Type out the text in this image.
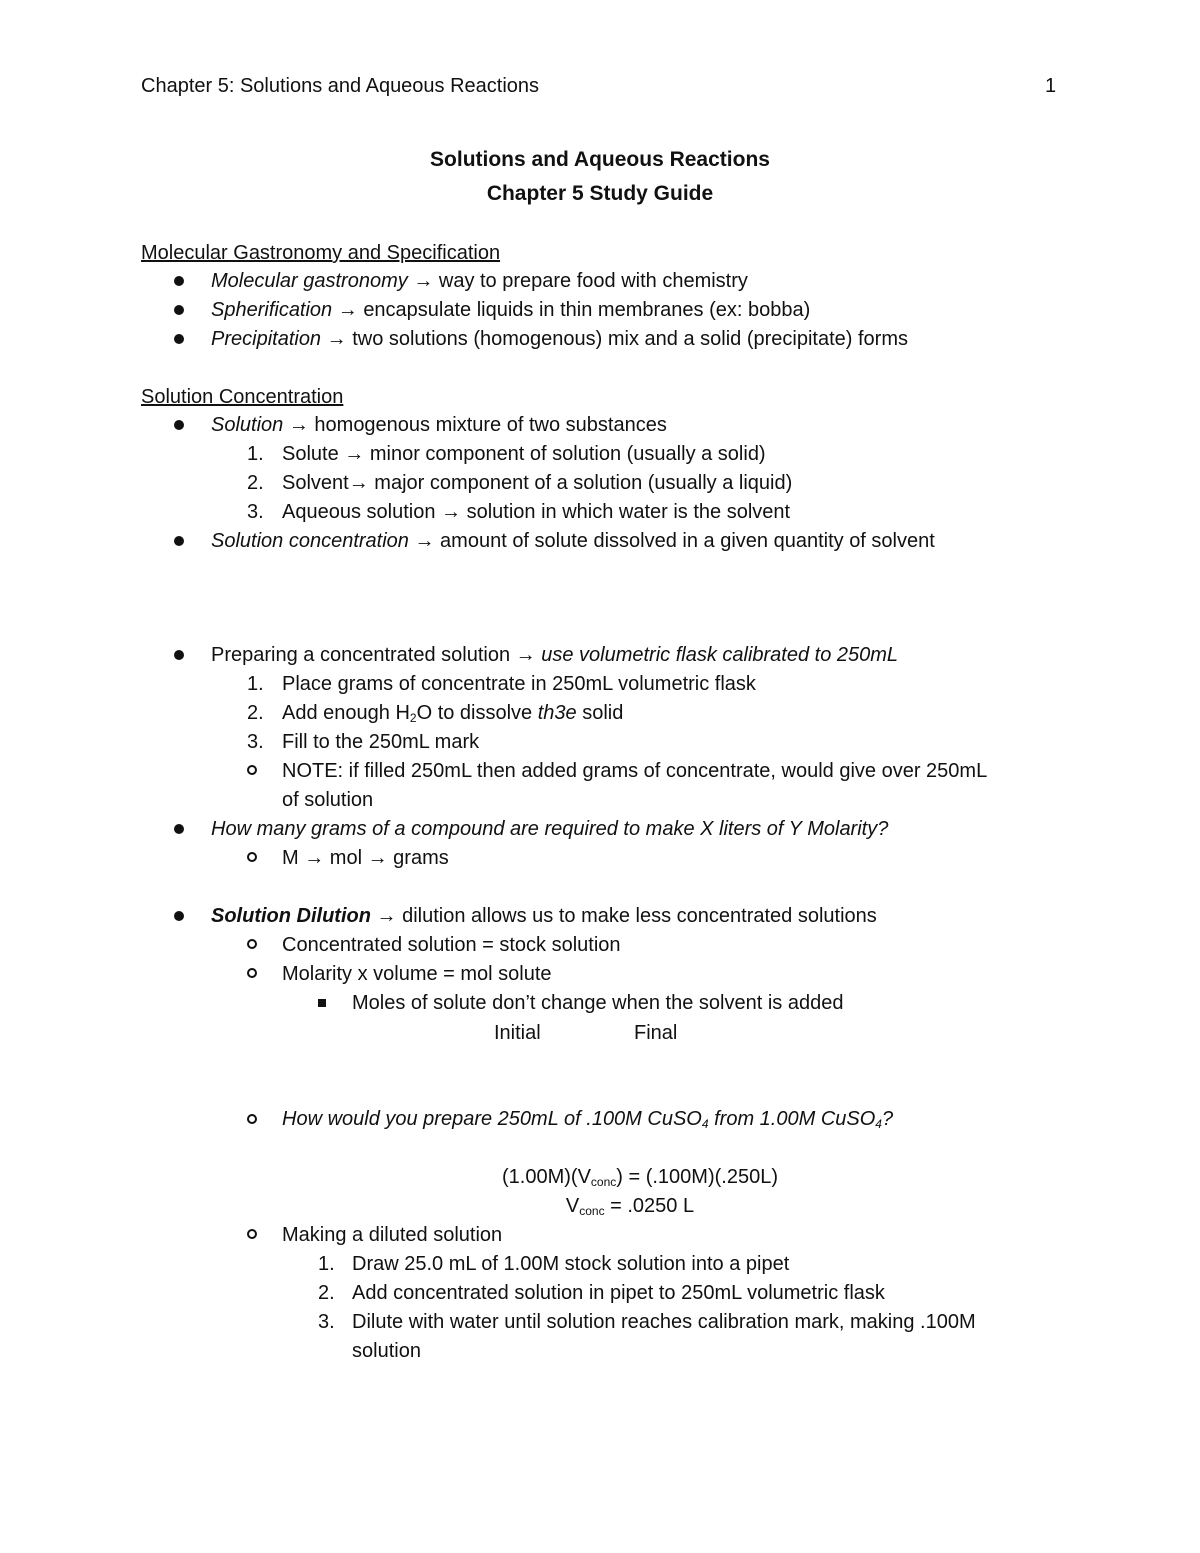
Chapter 5: Solutions and Aqueous Reactions	1
Solutions and Aqueous Reactions
Chapter 5 Study Guide
Molecular Gastronomy and Specification
Molecular gastronomy → way to prepare food with chemistry
Spherification → encapsulate liquids in thin membranes (ex: bobba)
Precipitation → two solutions (homogenous) mix and a solid (precipitate) forms
Solution Concentration
Solution → homogenous mixture of two substances
1. Solute → minor component of solution (usually a solid)
2. Solvent→ major component of a solution (usually a liquid)
3. Aqueous solution → solution in which water is the solvent
Solution concentration → amount of solute dissolved in a given quantity of solvent
Preparing a concentrated solution → use volumetric flask calibrated to 250mL
1. Place grams of concentrate in 250mL volumetric flask
2. Add enough $H_2O$ to dissolve th3e solid
3. Fill to the 250mL mark
NOTE: if filled 250mL then added grams of concentrate, would give over 250mL
of solution
How many grams of a compound are required to make X liters of Y Molarity?
M → mol → grams
Solution Dilution → dilution allows us to make less concentrated solutions
Concentrated solution = stock solution
Molarity x volume = mol solute
Moles of solute don’t change when the solvent is added
Initial	Final
How would you prepare 250mL of .100M CuSO$_4$ from 1.00M CuSO$_4$?
$(1.00M)(V_{conc}) = (.100M)(.250L)$
$V_{conc} = .0250$ L
Making a diluted solution
1. Draw 25.0 mL of 1.00M stock solution into a pipet
2. Add concentrated solution in pipet to 250mL volumetric flask
3. Dilute with water until solution reaches calibration mark, making .100M
solution
